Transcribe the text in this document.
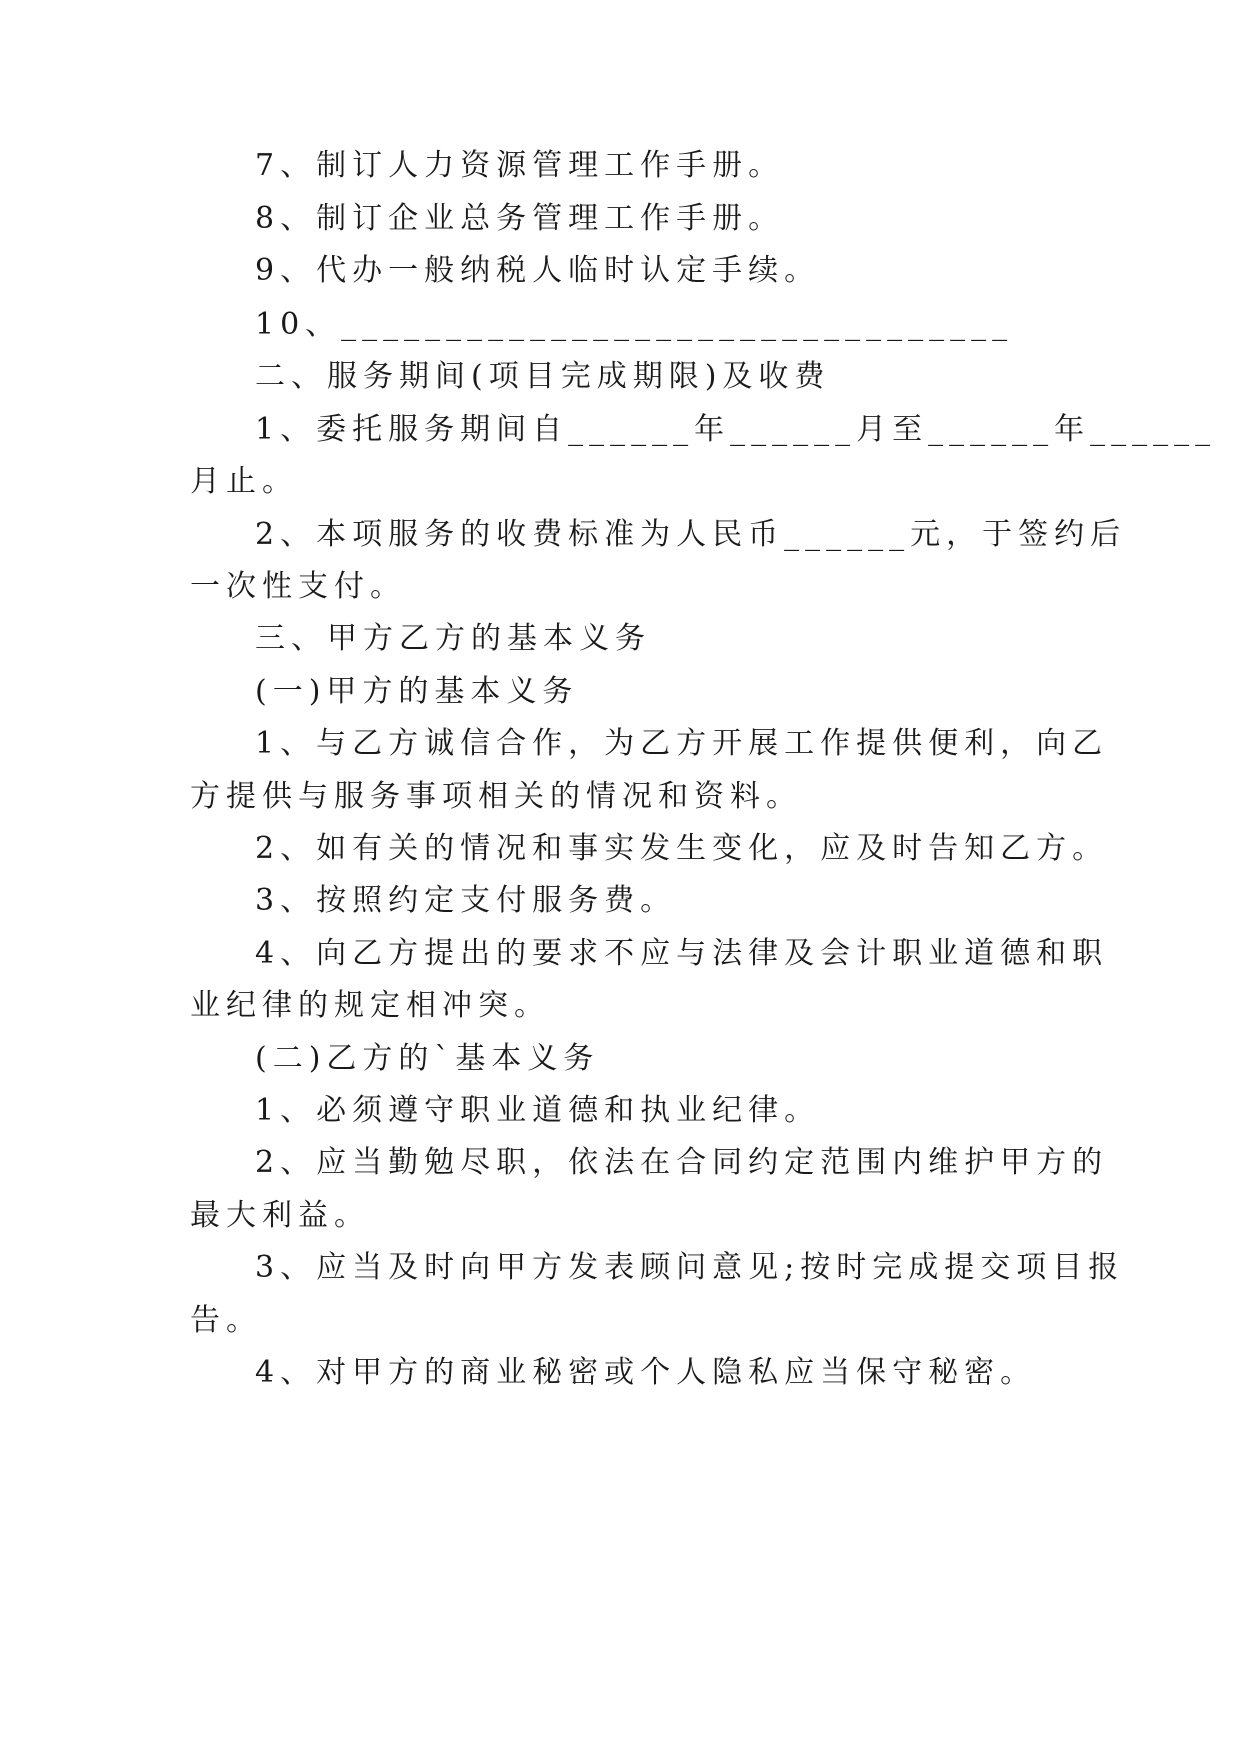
7、制订人力资源管理工作手册。
8、制订企业总务管理工作手册。
9、代办一般纳税人临时认定手续。
10、________________________________
二、服务期间(项目完成期限)及收费
1、委托服务期间自______年______月至______年______
月止。
2、本项服务的收费标准为人民币______元，于签约后
一次性支付。
三、甲方乙方的基本义务
(一)甲方的基本义务
1、与乙方诚信合作，为乙方开展工作提供便利，向乙
方提供与服务事项相关的情况和资料。
2、如有关的情况和事实发生变化，应及时告知乙方。
3、按照约定支付服务费。
4、向乙方提出的要求不应与法律及会计职业道德和职
业纪律的规定相冲突。
(二)乙方的`基本义务
1、必须遵守职业道德和执业纪律。
2、应当勤勉尽职，依法在合同约定范围内维护甲方的
最大利益。
3、应当及时向甲方发表顾问意见;按时完成提交项目报
告。
4、对甲方的商业秘密或个人隐私应当保守秘密。
